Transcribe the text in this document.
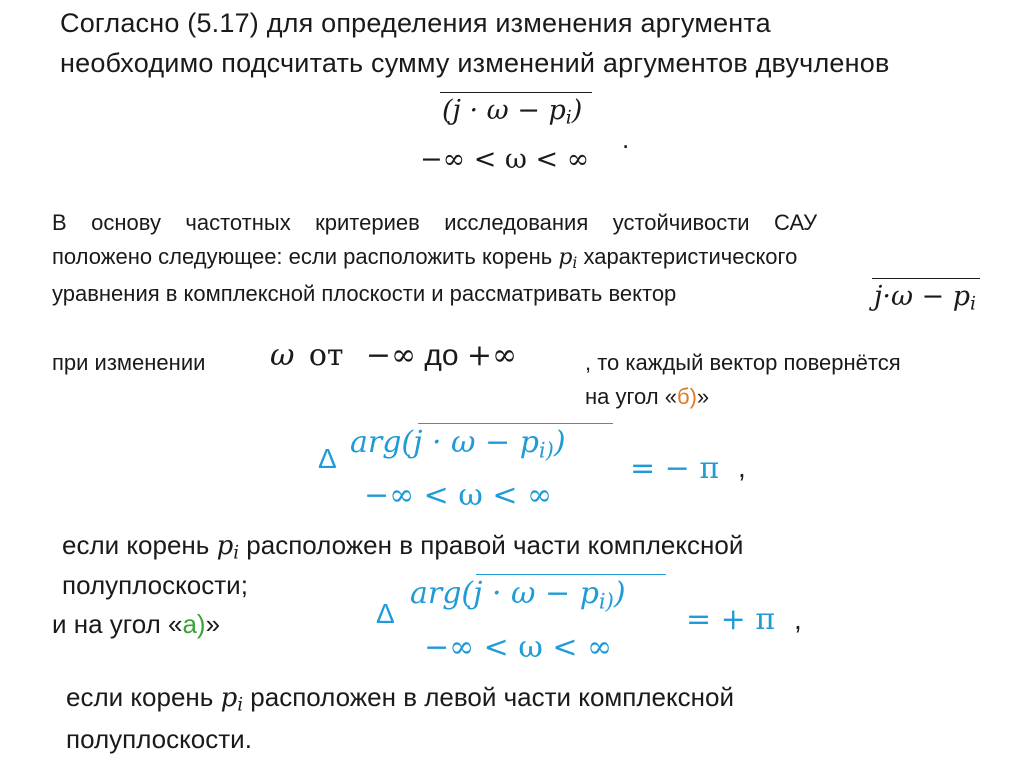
Согласно (5.17) для определения изменения аргумента
необходимо подсчитать сумму изменений аргументов двучленов
$(j \cdot \omega - p_i)$
−∞ < ω < ∞
.
В    основу    частотных    критериев    исследования    устойчивости    САУ
положено следующее: если расположить корень $p_i$ характеристического
уравнения в комплексной плоскости и рассматривать вектор	$j\cdot\omega - p_i$
при изменении ω от −∞ до +∞	, то каждый вектор повернётся
на угол «б)»
Δ $arg(j \cdot \omega - p_{i)})$
−∞ < ω < ∞
= − π ,
если корень $p_i$ расположен в правой части комплексной
полуплоскости;
и на угол «а)»	Δ
$arg(j \cdot \omega - p_{i)})$
−∞ < ω < ∞
= + π ,
если корень $p_i$ расположен в левой части комплексной
полуплоскости.
